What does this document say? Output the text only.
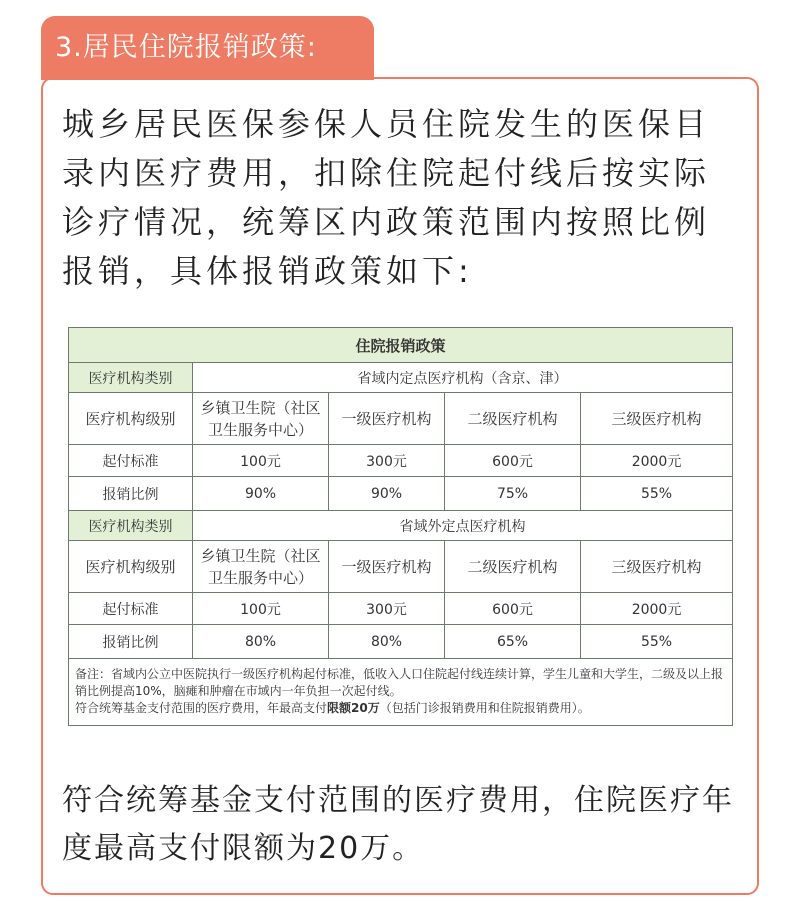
3.居民住院报销政策:

城乡居民医保参保人员住院发生的医保目录内医疗费用，扣除住院起付线后按实际诊疗情况，统筹区内政策范围内按照比例报销，具体报销政策如下:

住院报销政策				
医疗机构类别	省域内定点医疗机构（含京、津）			
医疗机构级别	乡镇卫生院（社区卫生服务中心）	一级医疗机构	二级医疗机构	三级医疗机构
起付标准	100元	300元	600元	2000元
报销比例	90%	90%	75%	55%
医疗机构类别	省域外定点医疗机构			
医疗机构级别	乡镇卫生院（社区卫生服务中心）	一级医疗机构	二级医疗机构	三级医疗机构
起付标准	100元	300元	600元	2000元
报销比例	80%	80%	65%	55%

备注：省域内公立中医院执行一级医疗机构起付标准，低收入人口住院起付线连续计算，学生儿童和大学生，二级及以上报销比例提高10%，脑瘫和肿瘤在市域内一年负担一次起付线。
符合统筹基金支付范围的医疗费用，年最高支付限额20万（包括门诊报销费用和住院报销费用）。				

符合统筹基金支付范围的医疗费用，住院医疗年度最高支付限额为20万。
